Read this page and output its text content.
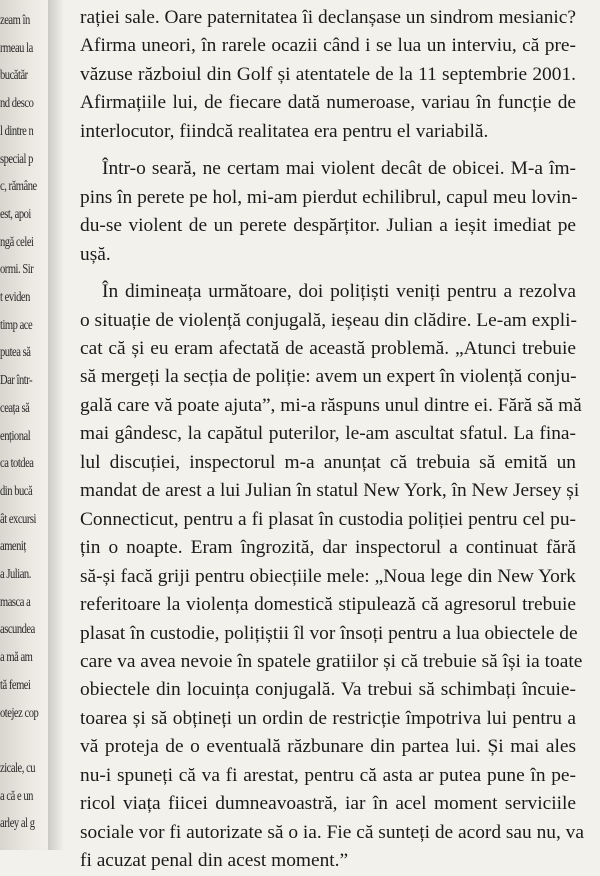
zeam în
rmeau la
bucătăr
nd desco
l dintre n
special p
c, rămâne
est, apoi
ngă celei
ormi. Sir
t eviden
timp ace
putea să
Dar într-
ceața să
ențional
ca totdea
din bucă
ât excursi
ameniț
a Julian.
masca a
ascundea
a mă am
tă femei
otejez cop
zicale, cu
a că e un
arley al g
rației sale. Oare paternitatea îi declanșase un sindrom mesianic?
Afirma uneori, în rarele ocazii când i se lua un interviu, că pre-
văzuse războiul din Golf și atentatele de la 11 septembrie 2001.
Afirmațiile lui, de fiecare dată numeroase, variau în funcție de
interlocutor, fiindcă realitatea era pentru el variabilă.
Într-o seară, ne certam mai violent decât de obicei. M-a îm-
pins în perete pe hol, mi-am pierdut echilibrul, capul meu lovin-
du-se violent de un perete despărțitor. Julian a ieșit imediat pe
ușă.
În dimineața următoare, doi polițiști veniți pentru a rezolva
o situație de violență conjugală, ieșeau din clădire. Le-am expli-
cat că și eu eram afectată de această problemă. „Atunci trebuie
să mergeți la secția de poliție: avem un expert în violență conju-
gală care vă poate ajuta”, mi-a răspuns unul dintre ei. Fără să mă
mai gândesc, la capătul puterilor, le-am ascultat sfatul. La fina-
lul discuției, inspectorul m-a anunțat că trebuia să emită un
mandat de arest a lui Julian în statul New York, în New Jersey și
Connecticut, pentru a fi plasat în custodia poliției pentru cel pu-
țin o noapte. Eram îngrozită, dar inspectorul a continuat fără
să-și facă griji pentru obiecțiile mele: „Noua lege din New York
referitoare la violența domestică stipulează că agresorul trebuie
plasat în custodie, polițiștii îl vor însoți pentru a lua obiectele de
care va avea nevoie în spatele gratiilor și că trebuie să își ia toate
obiectele din locuința conjugală. Va trebui să schimbați încuie-
toarea și să obțineți un ordin de restricție împotriva lui pentru a
vă proteja de o eventuală răzbunare din partea lui. Și mai ales
nu-i spuneți că va fi arestat, pentru că asta ar putea pune în pe-
ricol viața fiicei dumneavoastră, iar în acel moment serviciile
sociale vor fi autorizate să o ia. Fie că sunteți de acord sau nu, va
fi acuzat penal din acest moment.”
